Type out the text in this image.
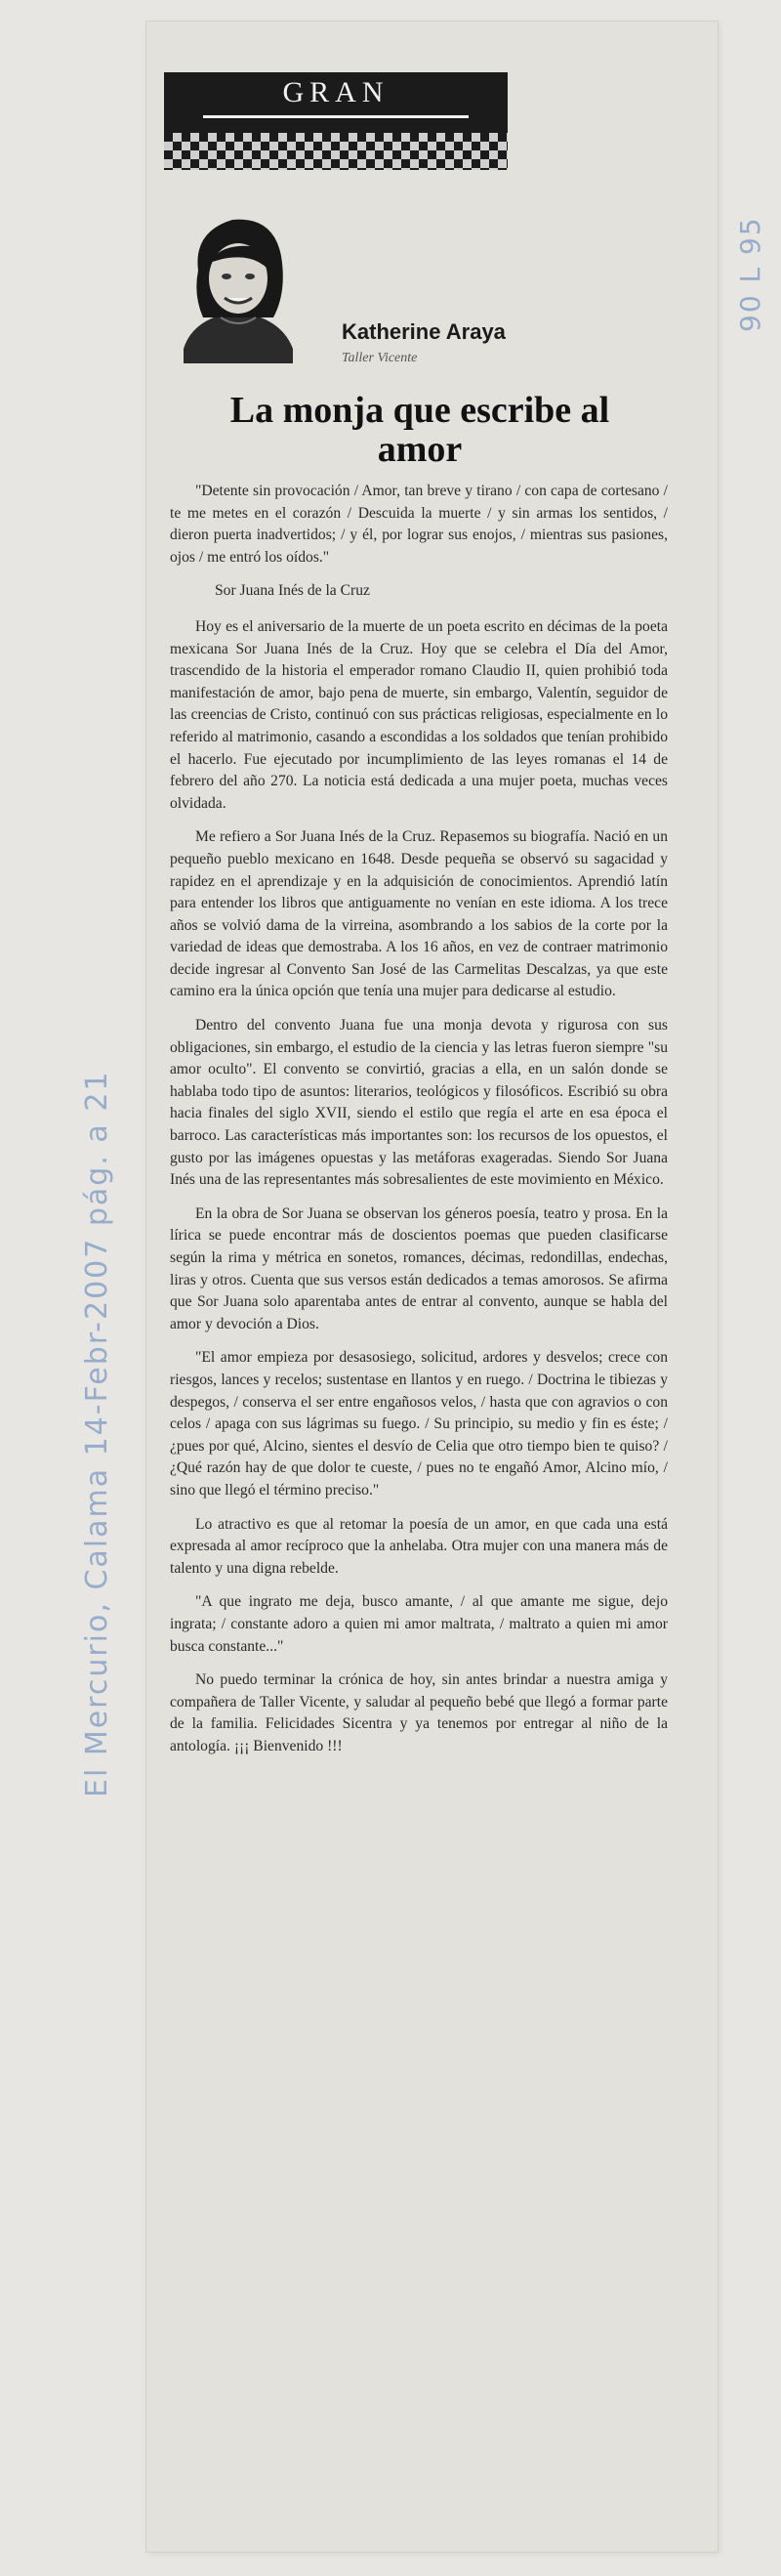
GRAN
Katherine Araya
Taller Vicente
La monja que escribe al amor

"Detente sin provocación / Amor, tan breve y tirano / con capa de cortesano / te me metes en el corazón / Descuida la muerte / y sin armas los sentidos, / dieron puerta inadvertidos; / y él, por lograr sus enojos, / mientras sus pasiones, ojos / me entró los oídos."

Sor Juana Inés de la Cruz

Hoy es el aniversario de la muerte de un poeta escrito en décimas de la poeta mexicana Sor Juana Inés de la Cruz. Hoy que se celebra el Día del Amor, trascendido de la historia el emperador romano Claudio II, quien prohibió toda manifestación de amor, bajo pena de muerte, sin embargo, Valentín, seguidor de las creencias de Cristo, continuó con sus prácticas religiosas, especialmente en lo referido al matrimonio, casando a escondidas a los soldados que tenían prohibido el hacerlo. Fue ejecutado por incumplimiento de las leyes romanas el 14 de febrero del año 270. La noticia está dedicada a una mujer poeta, muchas veces olvidada.

Me refiero a Sor Juana Inés de la Cruz. Repasemos su biografía. Nació en un pequeño pueblo mexicano en 1648. Desde pequeña se observó su sagacidad y rapidez en el aprendizaje y en la adquisición de conocimientos. Aprendió latín para entender los libros que antiguamente no venían en este idioma. A los trece años se volvió dama de la virreina, asombrando a los sabios de la corte por la variedad de ideas que demostraba. A los 16 años, en vez de contraer matrimonio decide ingresar al Convento San José de las Carmelitas Descalzas, ya que este camino era la única opción que tenía una mujer para dedicarse al estudio.

Dentro del convento Juana fue una monja devota y rigurosa con sus obligaciones, sin embargo, el estudio de la ciencia y las letras fueron siempre "su amor oculto". El convento se convirtió, gracias a ella, en un salón donde se hablaba todo tipo de asuntos: literarios, teológicos y filosóficos. Escribió su obra hacia finales del siglo XVII, siendo el estilo que regía el arte en esa época el barroco. Las características más importantes son: los recursos de los opuestos, el gusto por las imágenes opuestas y las metáforas exageradas. Siendo Sor Juana Inés una de las representantes más sobresalientes de este movimiento en México.

En la obra de Sor Juana se observan los géneros poesía, teatro y prosa. En la lírica se puede encontrar más de doscientos poemas que pueden clasificarse según la rima y métrica en sonetos, romances, décimas, redondillas, endechas, liras y otros. Cuenta que sus versos están dedicados a temas amorosos. Se afirma que Sor Juana solo aparentaba antes de entrar al convento, aunque se habla del amor y devoción a Dios.

"El amor empieza por desasosiego, solicitud, ardores y desvelos; crece con riesgos, lances y recelos; sustentase en llantos y en ruego. / Doctrina le tibiezas y despegos, / conserva el ser entre engañosos velos, / hasta que con agravios o con celos / apaga con sus lágrimas su fuego. / Su principio, su medio y fin es éste; / ¿pues por qué, Alcino, sientes el desvío de Celia que otro tiempo bien te quiso? / ¿Qué razón hay de que dolor te cueste, / pues no te engañó Amor, Alcino mío, / sino que llegó el término preciso."

Lo atractivo es que al retomar la poesía de un amor, en que cada una está expresada al amor recíproco que la anhelaba. Otra mujer con una manera más de talento y una digna rebelde.

"A que ingrato me deja, busco amante, / al que amante me sigue, dejo ingrata; / constante adoro a quien mi amor maltrata, / maltrato a quien mi amor busca constante..."

No puedo terminar la crónica de hoy, sin antes brindar a nuestra amiga y compañera de Taller Vicente, y saludar al pequeño bebé que llegó a formar parte de la familia. Felicidades Sicentra y ya tenemos por entregar al niño de la antología. ¡¡¡ Bienvenido !!!

El Mercurio, Calama 14-Febr-2007 pág. a 21
90 L 95
